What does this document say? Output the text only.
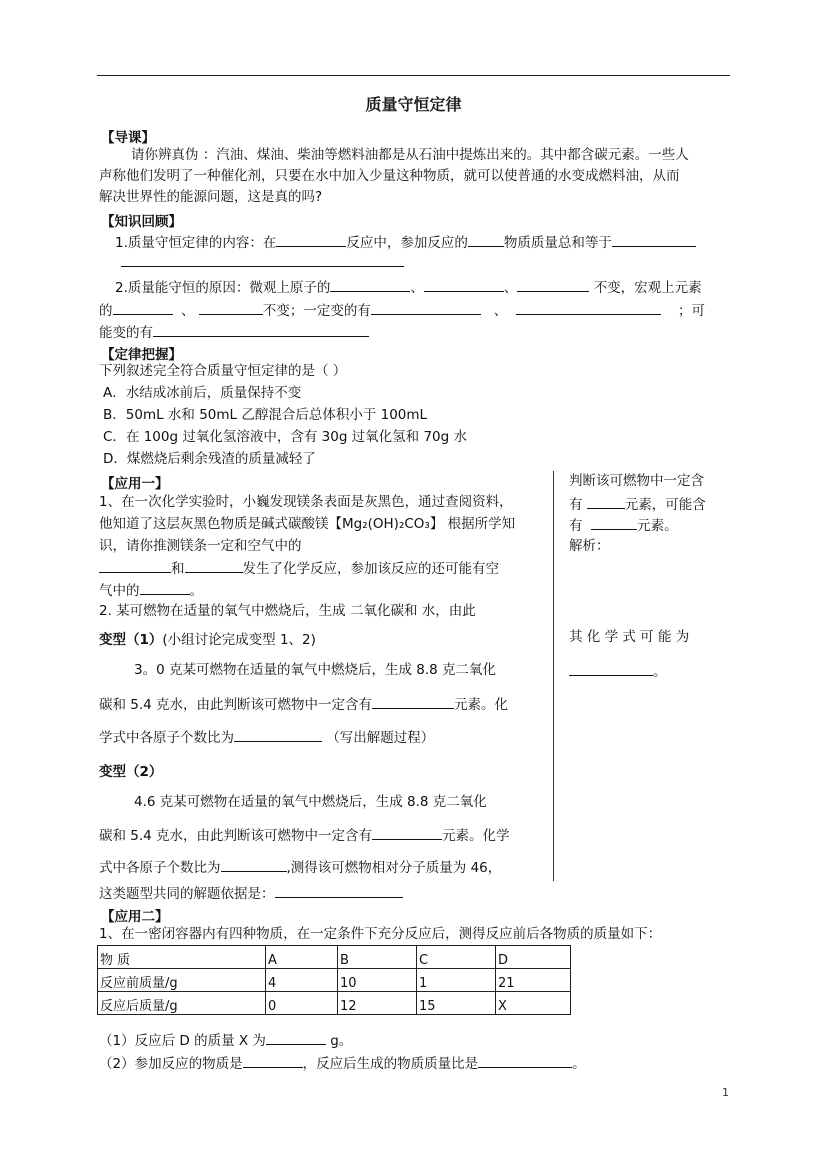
质量守恒定律
【导课】
请你辨真伪 ：汽油、煤油、柴油等燃料油都是从石油中提炼出来的。其中都含碳元素。一些人
声称他们发明了一种催化剂，只要在水中加入少量这种物质，就可以使普通的水变成燃料油，从而
解决世界性的能源问题，这是真的吗?
【知识回顾】
1.质量守恒定律的内容：在	反应中，参加反应的	物质质量总和等于
2.质量能守恒的原因：微观上原子的	、	、	不变，宏观上元素
的	、	不变；一定变的有	、	；可
能变的有
【定律把握】
下列叙述完全符合质量守恒定律的是（ ）
A．水结成冰前后，质量保持不变
B．50mL 水和 50mL 乙醇混合后总体积小于 100mL
C．在 100g 过氧化氢溶液中，含有 30g 过氧化氢和 70g 水
D．煤燃烧后剩余残渣的质量减轻了
【应用一】
1、在一次化学实验时，小巍发现镁条表面是灰黑色，通过查阅资料，
他知道了这层灰黑色物质是碱式碳酸镁【Mg₂(OH)₂CO₃】 根据所学知
识，请你推测镁条一定和空气中的
和	发生了化学反应，参加该反应的还可能有空
气中的	。
2. 某可燃物在适量的氧气中燃烧后，生成 二氧化碳和 水，由此
判断该可燃物中一定含
有	元素，可能含
有	元素。
解析：
变型（1）(小组讨论完成变型 1、2)	其 化 学 式 可 能 为
。
3。0 克某可燃物在适量的氧气中燃烧后，生成 8.8 克二氧化
碳和 5.4 克水，由此判断该可燃物中一定含有	元素。化
学式中各原子个数比为	（写出解题过程）
变型（2）
4.6 克某可燃物在适量的氧气中燃烧后，生成 8.8 克二氧化
碳和 5.4 克水，由此判断该可燃物中一定含有	元素。化学
式中各原子个数比为	,测得该可燃物相对分子质量为 46，
这类题型共同的解题依据是：
【应用二】
1、在一密闭容器内有四种物质，在一定条件下充分反应后，测得反应前后各物质的质量如下：
物 质	A	B	C	D
反应前质量/g	4	10	1	21
反应后质量/g	0	12	15	X
（1）反应后 D 的质量 X 为	g。
（2）参加反应的物质是	，反应后生成的物质质量比是	。
1
